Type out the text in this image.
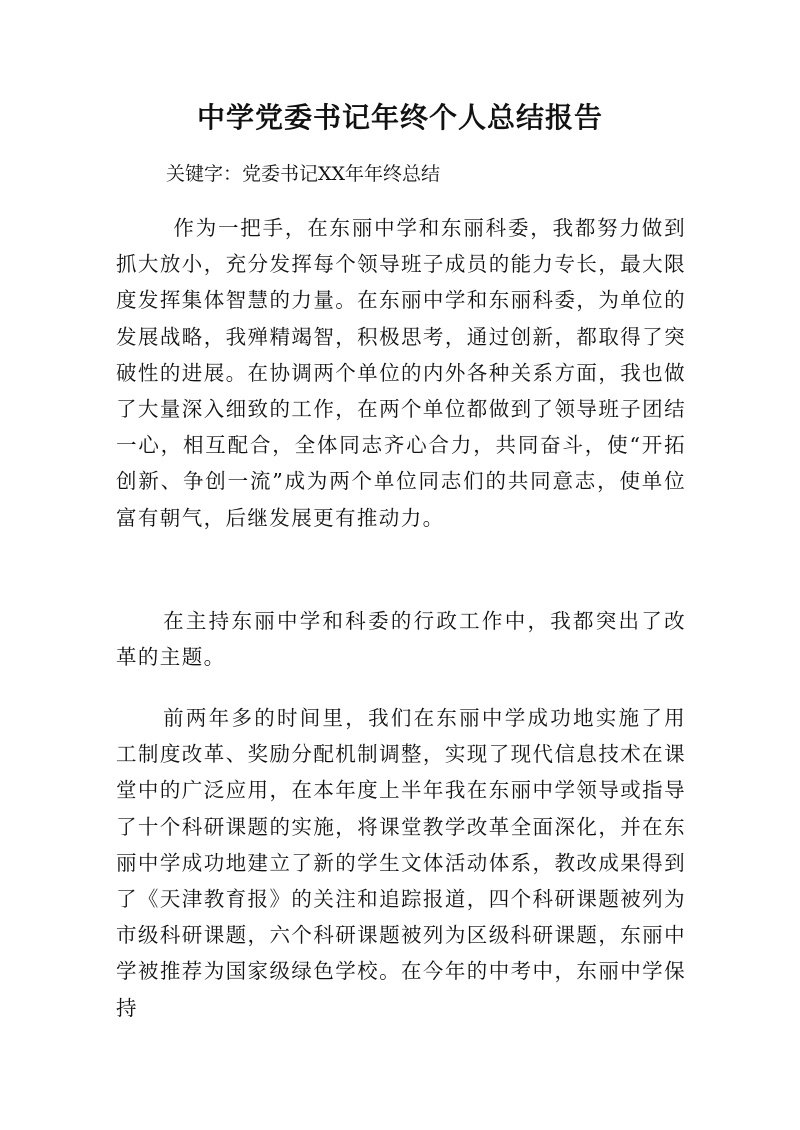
中学党委书记年终个人总结报告

关键字：党委书记XX年年终总结

作为一把手，在东丽中学和东丽科委，我都努力做到抓大放小，充分发挥每个领导班子成员的能力专长，最大限度发挥集体智慧的力量。在东丽中学和东丽科委，为单位的发展战略，我殚精竭智，积极思考，通过创新，都取得了突破性的进展。在协调两个单位的内外各种关系方面，我也做了大量深入细致的工作，在两个单位都做到了领导班子团结一心，相互配合，全体同志齐心合力，共同奋斗，使“开拓创新、争创一流”成为两个单位同志们的共同意志，使单位富有朝气，后继发展更有推动力。

在主持东丽中学和科委的行政工作中，我都突出了改革的主题。

前两年多的时间里，我们在东丽中学成功地实施了用工制度改革、奖励分配机制调整，实现了现代信息技术在课堂中的广泛应用，在本年度上半年我在东丽中学领导或指导了十个科研课题的实施，将课堂教学改革全面深化，并在东丽中学成功地建立了新的学生文体活动体系，教改成果得到了《天津教育报》的关注和追踪报道，四个科研课题被列为市级科研课题，六个科研课题被列为区级科研课题，东丽中学被推荐为国家级绿色学校。在今年的中考中，东丽中学保持
